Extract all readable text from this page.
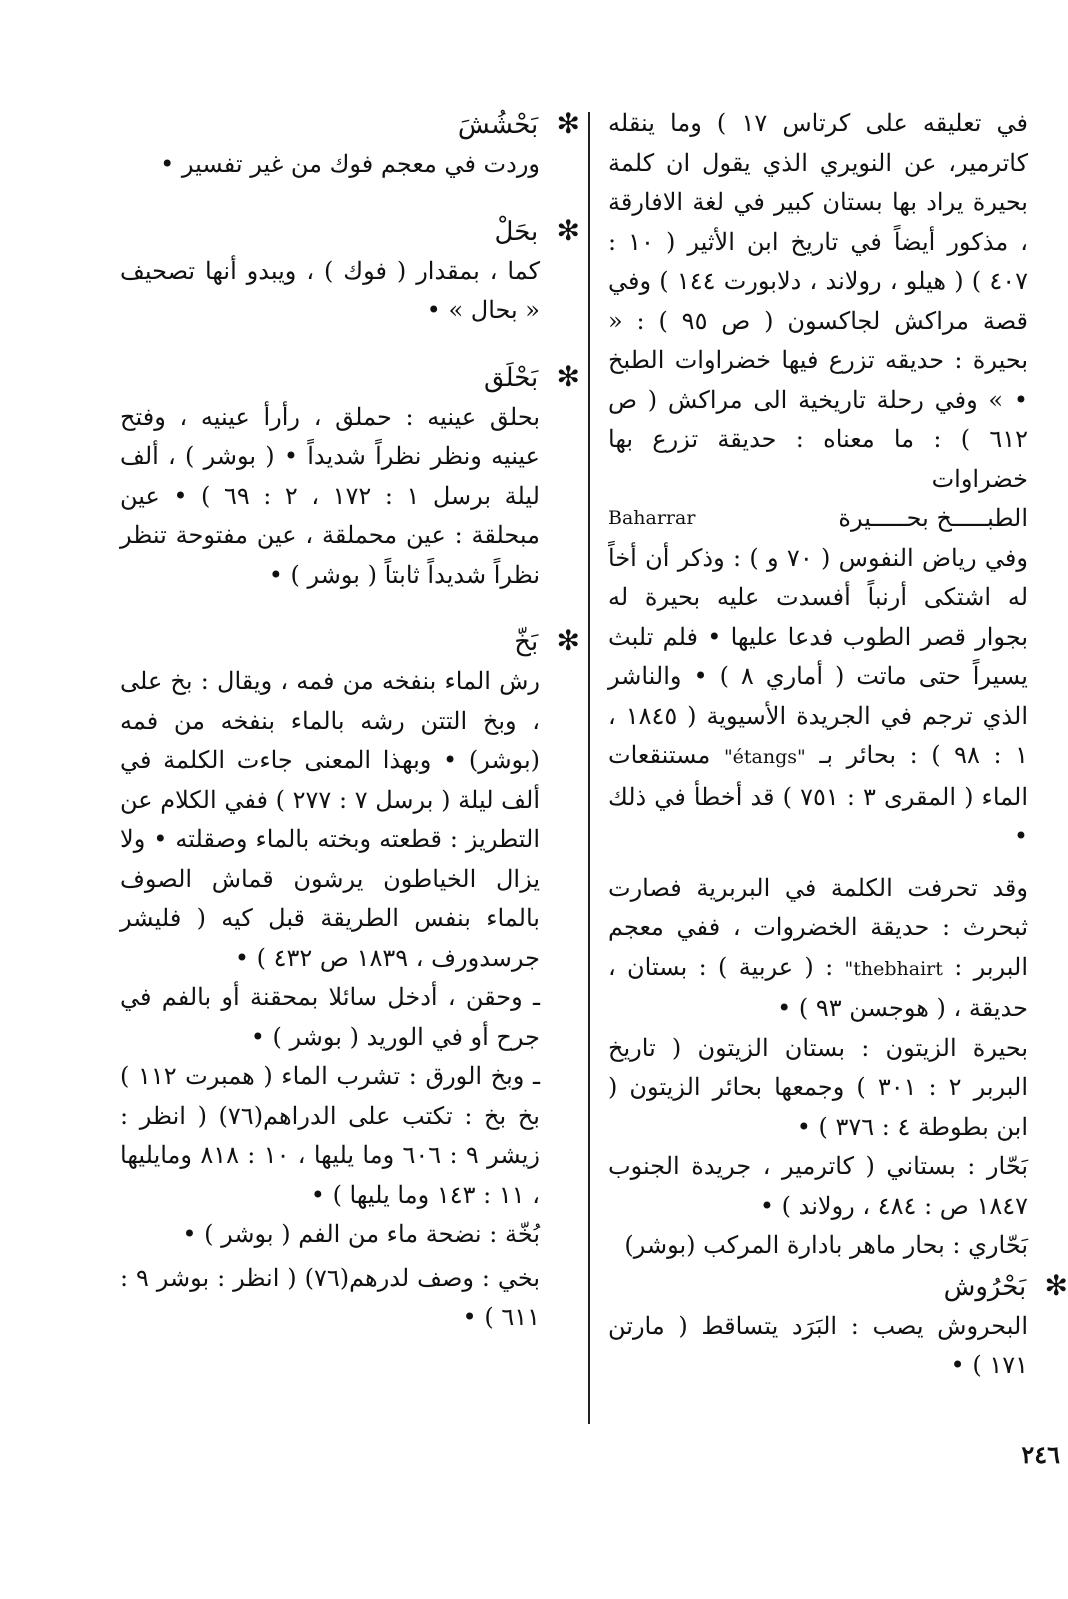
في تعليقه على كرتاس ١٧ ) وما ينقله كاترمير، عن النويري الذي يقول ان كلمة بحيرة يراد بها بستان كبير في لغة الافارقة ، مذكور أيضاً في تاريخ ابن الأثير ( ١٠ : ٤٠٧ ) ( هيلو ، رولاند ، دلابورت ١٤٤ ) وفي قصة مراكش لجاكسون ( ص ٩٥ ) : « بحيرة : حديقه تزرع فيها خضراوات الطبخ • » وفي رحلة تاريخية الى مراكش ( ص ٦١٢ ) : ما معناه : حديقة تزرع بها خضراوات

الطبـــــخ بحـــــيرة
Baharrar

وفي رياض النفوس ( ٧٠ و ) : وذكر أن أخاً له اشتكى أرنباً أفسدت عليه بحيرة له بجوار قصر الطوب فدعا عليها • فلم تلبث يسيراً حتى ماتت ( أماري ٨ ) • والناشر الذي ترجم في الجريدة الأسيوية ( ١٨٤٥ ، ١ : ٩٨ ) : بحائر بـ "étangs" مستنقعات الماء ( المقرى ٣ : ٧٥١ ) قد أخطأ في ذلك •

وقد تحرفت الكلمة في البربرية فصارت ثبحرث : حديقة الخضروات ، ففي معجم البربر : "thebhairt : ( عربية ) : بستان ، حديقة ، ( هوجسن ٩٣ ) •

بحيرة الزيتون : بستان الزيتون ( تاريخ البربر ٢ : ٣٠١ ) وجمعها بحائر الزيتون ( ابن بطوطة ٤ : ٣٧٦ ) •

بَحّار : بستاني ( كاترمير ، جريدة الجنوب ١٨٤٧ ص : ٤٨٤ ، رولاند ) •

بَحّاري : بحار ماهر بادارة المركب (بوشر)

✻ بَحْرُوش

البحروش يصب : البَرَد يتساقط ( مارتن ١٧١ ) •

✻ بَحْشُشَ

وردت في معجم فوك من غير تفسير •

✻ بحَلْ

كما ، بمقدار ( فوك ) ، ويبدو أنها تصحيف « بحال » •

✻ بَحْلَق

بحلق عينيه : حملق ، رأرأ عينيه ، وفتح عينيه ونظر نظراً شديداً • ( بوشر ) ، ألف ليلة برسل ١ : ١٧٢ ، ٢ : ٦٩ ) • عين مبحلقة : عين محملقة ، عين مفتوحة تنظر نظراً شديداً ثابتاً ( بوشر ) •

✻ بَخّ

رش الماء بنفخه من فمه ، ويقال : بخ على ، وبخ التتن رشه بالماء بنفخه من فمه (بوشر) • وبهذا المعنى جاءت الكلمة في ألف ليلة ( برسل ٧ : ٢٧٧ ) ففي الكلام عن التطريز : قطعته وبخته بالماء وصقلته • ولا يزال الخياطون يرشون قماش الصوف بالماء بنفس الطريقة قبل كيه ( فليشر جرسدورف ، ١٨٣٩ ص ٤٣٢ ) •

ـ وحقن ، أدخل سائلا بمحقنة أو بالفم في جرح أو في الوريد ( بوشر ) •

ـ وبخ الورق : تشرب الماء ( همبرت ١١٢ ) بخ بخ : تكتب على الدراهم(٧٦) ( انظر : زيشر ٩ : ٦٠٦ وما يليها ، ١٠ : ٨١٨ ومايليها ، ١١ : ١٤٣ وما يليها ) •

بُخّة : نضحة ماء من الفم ( بوشر ) •

بخي : وصف لدرهم(٧٦) ( انظر : بوشر ٩ : ٦١١ ) •

٢٤٦
